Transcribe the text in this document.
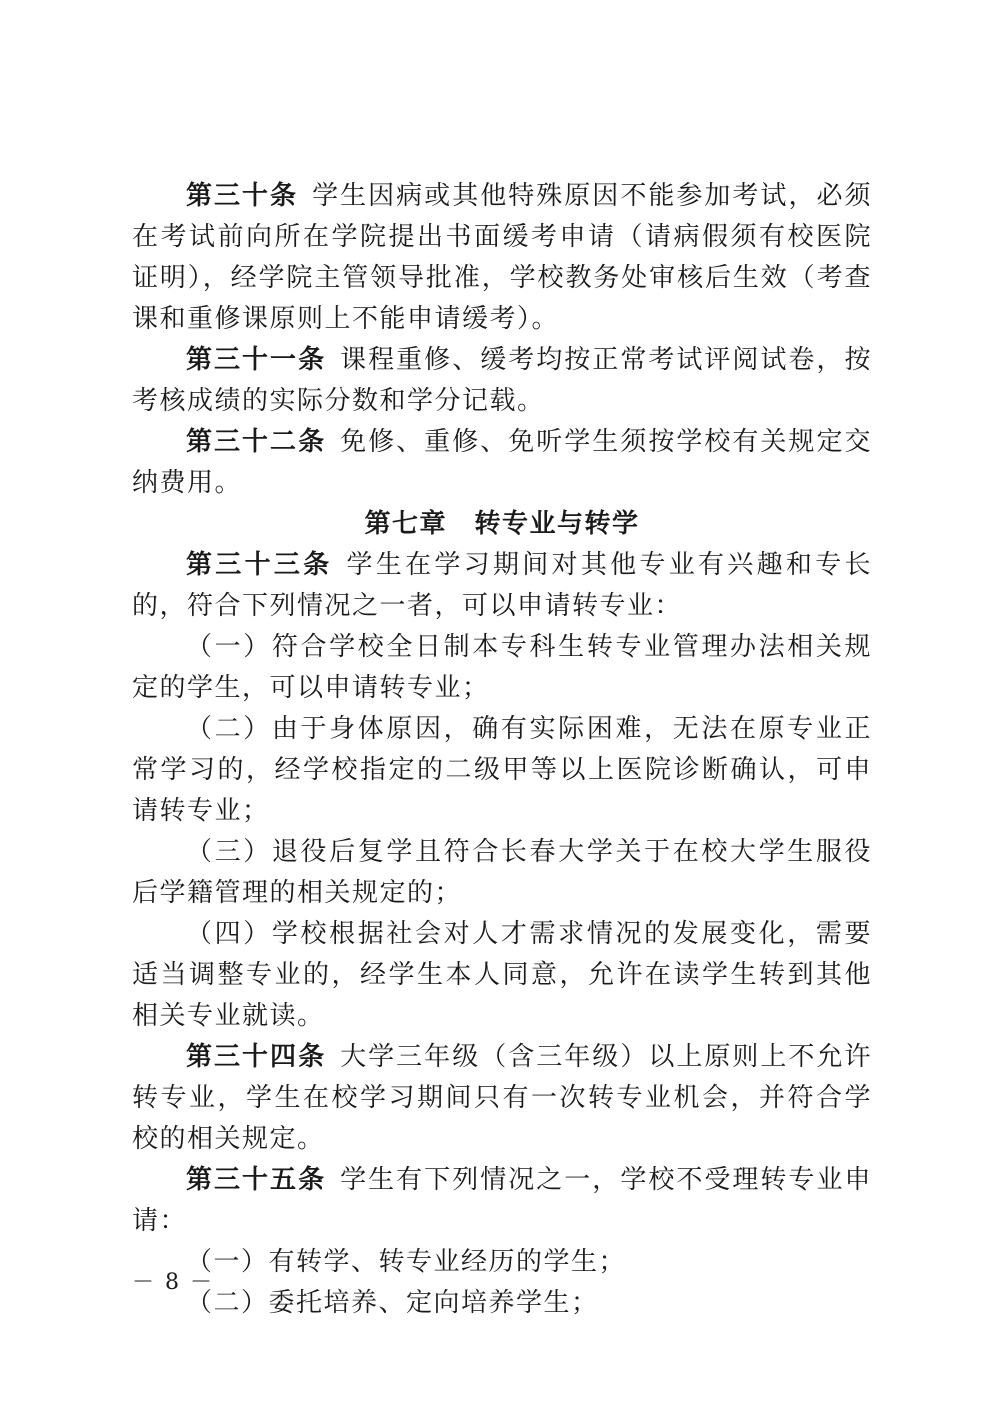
第三十条 学生因病或其他特殊原因不能参加考试，必须在考试前向所在学院提出书面缓考申请（请病假须有校医院证明），经学院主管领导批准，学校教务处审核后生效（考查课和重修课原则上不能申请缓考）。

第三十一条 课程重修、缓考均按正常考试评阅试卷，按考核成绩的实际分数和学分记载。

第三十二条 免修、重修、免听学生须按学校有关规定交纳费用。

第七章　转专业与转学

第三十三条 学生在学习期间对其他专业有兴趣和专长的，符合下列情况之一者，可以申请转专业：

（一）符合学校全日制本专科生转专业管理办法相关规定的学生，可以申请转专业；

（二）由于身体原因，确有实际困难，无法在原专业正常学习的，经学校指定的二级甲等以上医院诊断确认，可申请转专业；

（三）退役后复学且符合长春大学关于在校大学生服役后学籍管理的相关规定的；

（四）学校根据社会对人才需求情况的发展变化，需要适当调整专业的，经学生本人同意，允许在读学生转到其他相关专业就读。

第三十四条 大学三年级（含三年级）以上原则上不允许转专业，学生在校学习期间只有一次转专业机会，并符合学校的相关规定。

第三十五条 学生有下列情况之一，学校不受理转专业申请：

（一）有转学、转专业经历的学生；

（二）委托培养、定向培养学生；

－ 8 －
